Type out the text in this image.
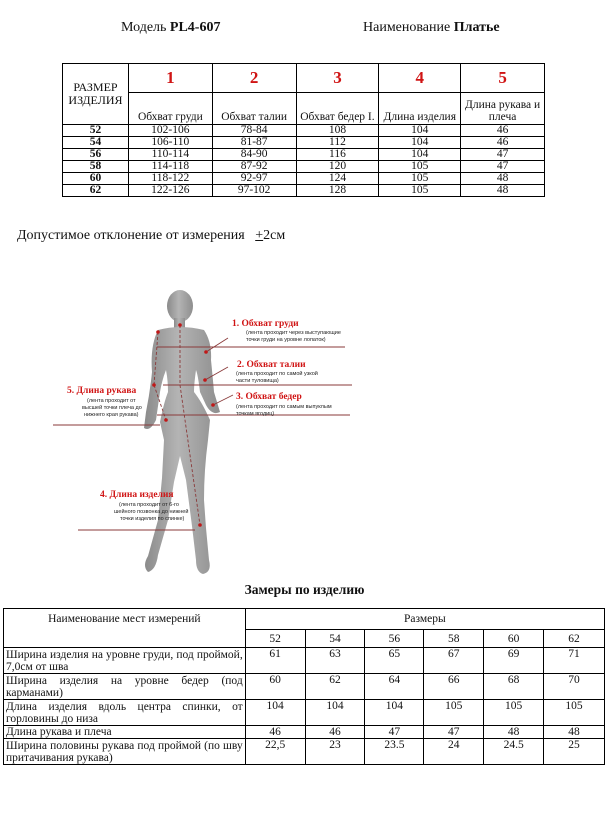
Модель PL4-607	Наименование Платье
РАЗМЕР ИЗДЕЛИЯ	1	2	3	4	5
	Обхват груди	Обхват талии	Обхват бедер I.	Длина изделия	Длина рукава и плеча
52	102-106	78-84	108	104	46
54	106-110	81-87	112	104	46
56	110-114	84-90	116	104	47
58	114-118	87-92	120	105	47
60	118-122	92-97	124	105	48
62	122-126	97-102	128	105	48
Допустимое отклонение от измерения +2см
1. Обхват груди
(лента проходит через выступающие
точки груди на уровне лопаток)
2. Обхват талии
(лента проходит по самой узкой
части туловища)
3. Обхват бедер
(лента проходит по самым выпуклым
точкам ягодиц)
5. Длина рукава
(лента проходит от
высшей точки плеча до
нижнего края рукава)
4. Длина изделия
(лента проходит от 6-го
шейного позвонка до нижней
точки изделия по спинке)
Замеры по изделию
Наименование мест измерений	Размеры					
	52	54	56	58	60	62
Ширина изделия на уровне груди, под проймой, 7,0см от шва	61	63	65	67	69	71
Ширина изделия на уровне бедер (под карманами)	60	62	64	66	68	70
Длина изделия вдоль центра спинки, от горловины до низа	104	104	104	105	105	105
Длина рукава и плеча	46	46	47	47	48	48
Ширина половины рукава под проймой (по шву притачивания рукава)	22,5	23	23.5	24	24.5	25
